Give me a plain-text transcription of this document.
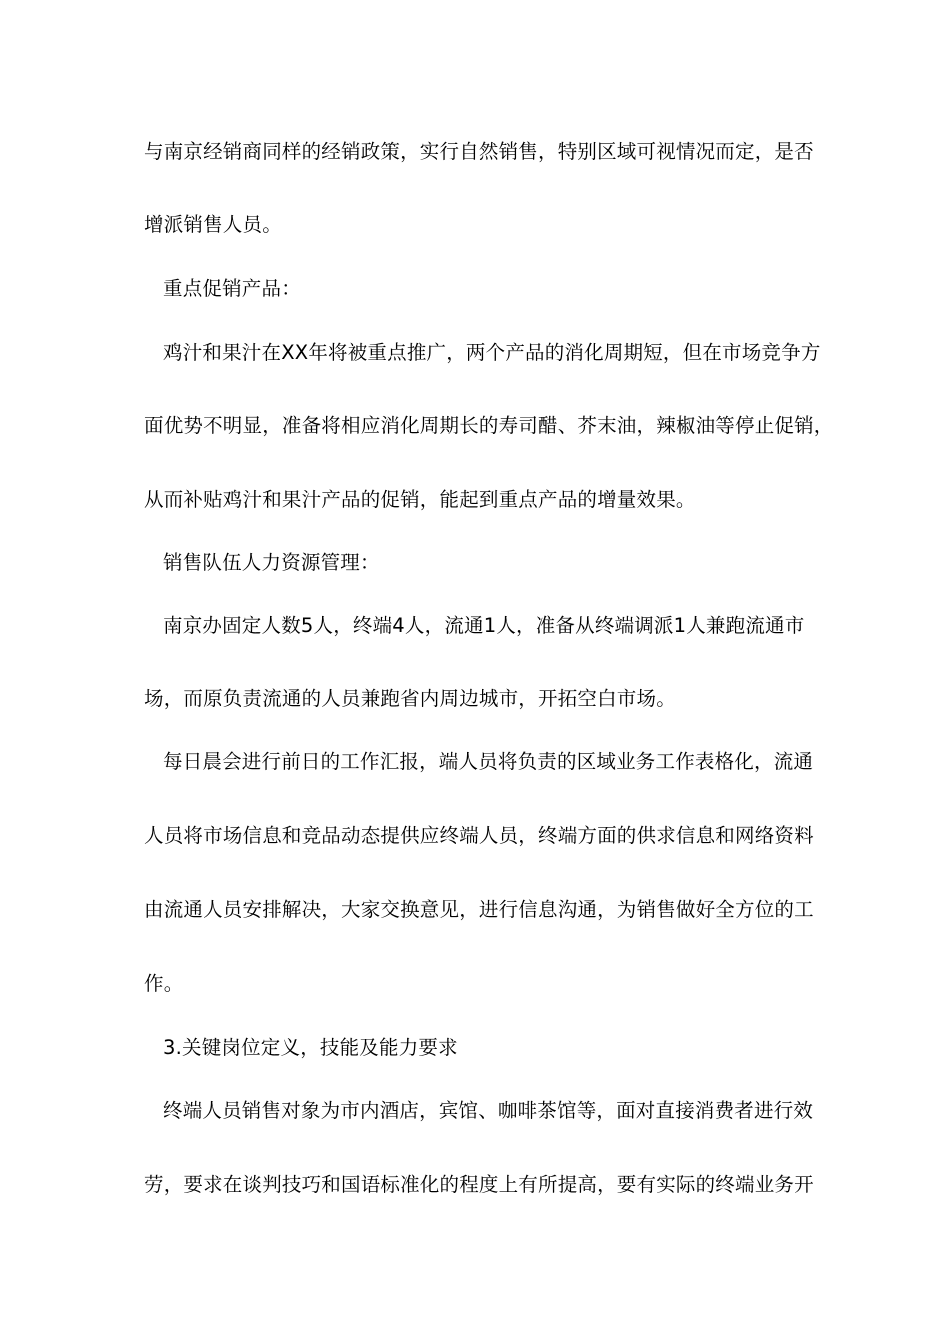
与南京经销商同样的经销政策，实行自然销售，特别区域可视情况而定，是否
增派销售人员。
重点促销产品：
鸡汁和果汁在XX年将被重点推广，两个产品的消化周期短，但在市场竞争方
面优势不明显，准备将相应消化周期长的寿司醋、芥末油，辣椒油等停止促销，
从而补贴鸡汁和果汁产品的促销，能起到重点产品的增量效果。
销售队伍人力资源管理：
南京办固定人数5人，终端4人，流通1人，准备从终端调派1人兼跑流通市
场，而原负责流通的人员兼跑省内周边城市，开拓空白市场。
每日晨会进行前日的工作汇报，端人员将负责的区域业务工作表格化，流通
人员将市场信息和竞品动态提供应终端人员，终端方面的供求信息和网络资料
由流通人员安排解决，大家交换意见，进行信息沟通，为销售做好全方位的工
作。
3.关键岗位定义，技能及能力要求
终端人员销售对象为市内酒店，宾馆、咖啡茶馆等，面对直接消费者进行效
劳，要求在谈判技巧和国语标准化的程度上有所提高，要有实际的终端业务开
